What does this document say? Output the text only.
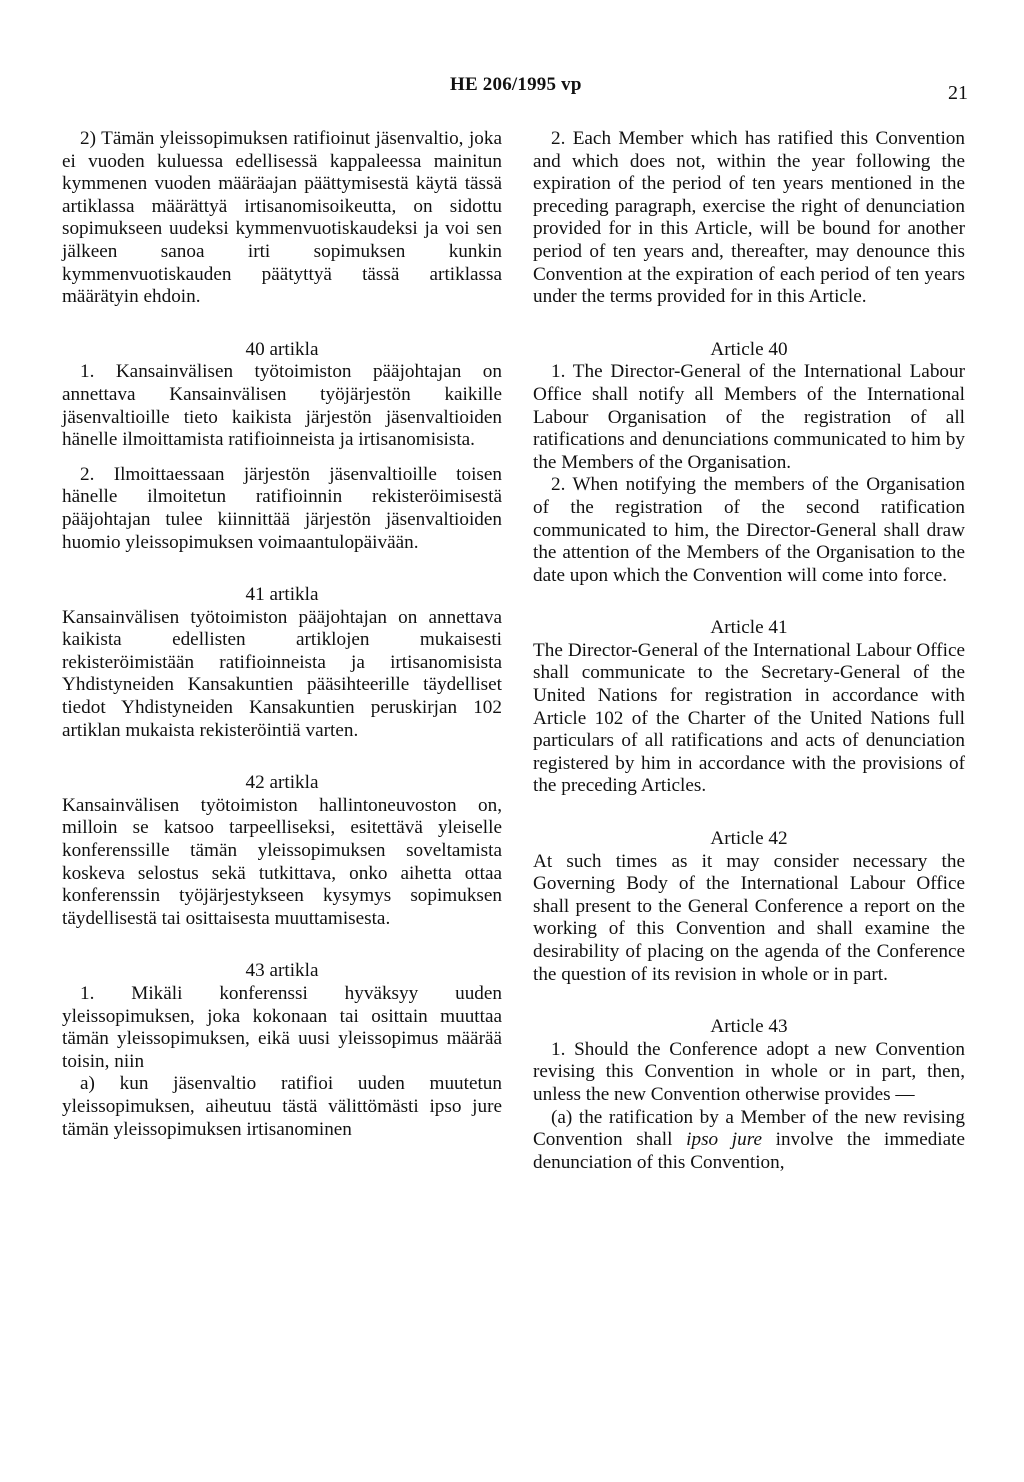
HE 206/1995 vp	21

2) Tämän yleissopimuksen ratifioinut jäsenvaltio, joka ei vuoden kuluessa edellisessä kappaleessa mainitun kymmenen vuoden määräajan päättymisestä käytä tässä artiklassa määrättyä irtisanomisoikeutta, on sidottu sopimukseen uudeksi kymmenvuotiskaudeksi ja voi sen jälkeen sanoa irti sopimuksen kunkin kymmenvuotiskauden päätyttyä tässä artiklassa määrätyin ehdoin.

40 artikla

1. Kansainvälisen työtoimiston pääjohtajan on annettava Kansainvälisen työjärjestön kaikille jäsenvaltioille tieto kaikista järjestön jäsenvaltioiden hänelle ilmoittamista ratifioinneista ja irtisanomisista.

2. Ilmoittaessaan järjestön jäsenvaltioille toisen hänelle ilmoitetun ratifioinnin rekisteröimisestä pääjohtajan tulee kiinnittää järjestön jäsenvaltioiden huomio yleissopimuksen voimaantulopäivään.

41 artikla

Kansainvälisen työtoimiston pääjohtajan on annettava kaikista edellisten artiklojen mukaisesti rekisteröimistään ratifioinneista ja irtisanomisista Yhdistyneiden Kansakuntien pääsihteerille täydelliset tiedot Yhdistyneiden Kansakuntien peruskirjan 102 artiklan mukaista rekisteröintiä varten.

42 artikla

Kansainvälisen työtoimiston hallintoneuvoston on, milloin se katsoo tarpeelliseksi, esitettävä yleiselle konferenssille tämän yleissopimuksen soveltamista koskeva selostus sekä tutkittava, onko aihetta ottaa konferenssin työjärjestykseen kysymys sopimuksen täydellisestä tai osittaisesta muuttamisesta.

43 artikla

1. Mikäli konferenssi hyväksyy uuden yleissopimuksen, joka kokonaan tai osittain muuttaa tämän yleissopimuksen, eikä uusi yleissopimus määrää toisin, niin

a) kun jäsenvaltio ratifioi uuden muutetun yleissopimuksen, aiheutuu tästä välittömästi ipso jure tämän yleissopimuksen irtisanominen

2. Each Member which has ratified this Convention and which does not, within the year following the expiration of the period of ten years mentioned in the preceding paragraph, exercise the right of denunciation provided for in this Article, will be bound for another period of ten years and, thereafter, may denounce this Convention at the expiration of each period of ten years under the terms provided for in this Article.

Article 40

1. The Director-General of the International Labour Office shall notify all Members of the International Labour Organisation of the registration of all ratifications and denunciations communicated to him by the Members of the Organisation.

2. When notifying the members of the Organisation of the registration of the second ratification communicated to him, the Director-General shall draw the attention of the Members of the Organisation to the date upon which the Convention will come into force.

Article 41

The Director-General of the International Labour Office shall communicate to the Secretary-General of the United Nations for registration in accordance with Article 102 of the Charter of the United Nations full particulars of all ratifications and acts of denunciation registered by him in accordance with the provisions of the preceding Articles.

Article 42

At such times as it may consider necessary the Governing Body of the International Labour Office shall present to the General Conference a report on the working of this Convention and shall examine the desirability of placing on the agenda of the Conference the question of its revision in whole or in part.

Article 43

1. Should the Conference adopt a new Convention revising this Convention in whole or in part, then, unless the new Convention otherwise provides —

(a) the ratification by a Member of the new revising Convention shall ipso jure involve the immediate denunciation of this Convention,
